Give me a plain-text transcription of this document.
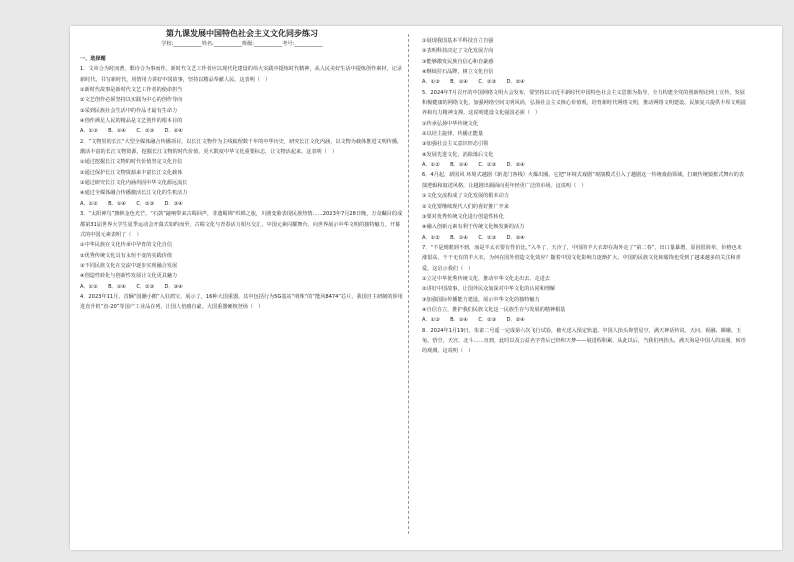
第九课发展中国特色社会主义文化同步练习
学校:___________姓名:___________班级:___________考号:___________
一、选择题
1．文章合为时而著，歌诗合为事而作。新时代文艺工作者应以现代化建设的伟大实践中提炼时代精神，从人民美好生活中提炼创作素材，记录新时代、书写新时代，用情用力讲好中国故事，坚持以精品奉献人民。这表明（　）
①新时代故事是新时代文艺工作者的使命担当
②文艺创作必须坚持以实践为中心的创作导向
③采到民族社会生活中的作品才最有生命力
④创作满足人民的精品是文艺创作的根本目的
A．①③　　B．①④　　C．②③　　D．②④
2．“文物里的长江”大型全媒体融合传播项目，以长江文物作为主线梳理数千年的中华历史，研究长江文化内涵，以文物为载体推进文明传播，激活丰富的长江文物资源，挖掘长江文物的时代价值，更大限度中华文化重要标志，让文物活起来。这表明（　）
①通过挖掘长江文物的时代价值坚定文化自信
②通过保护长江文物资源来丰富长江文化载体
③通过研究长江文化内涵巩固中华文化源远流长
④通过全媒体融合传播激活长江文化的生机活力
A．①②　　B．①④　　C．②③　　D．③④
3．“太阳神鸟”旗帜金色光芒、“石鼓”敲响带来古蜀回声，非遗蜀锦“织锦之旅，川剧变脸表现民族热情……2023年7月28日晚，万众瞩目的成都第31届世界大学生夏季运动会开幕式如约而至，古蜀文化与青春活力相互交汇，中国元素闪耀舞台，向世界展示中华文明的独特魅力。开幕式的中国元素表明了（　）
①中华民族在文化传承中孕育的文化自信
②优秀传统文化具有永恒不变的实践价值
③不同民族文化在交流中逐步实现融合发展
④创造性转化与创新性发展让文化更具魅力
A．①②　　B．①④　　C．②③　　D．③④
4．2023年11月，首辆“国潮小鹅”入驻鸿宝，展示了，16种大国重器，其中包括行为5G基站“明珠”的“能风8474”芯片、我国自主研制的涉用进直升机“直-20”等国产工业品在列，让国人倍感自豪。大国重器硬核登场（　）
①展现我国基本平科技自立自强
②表明科技决定了文化发展方向
③能够激发民族自信心和自豪感
④继续拉石品牌，树立文化自信
A．①③　　B．①④　　C．②③　　D．②④
5．2024年7月召开的中国网络文明大会发布，要坚持以习近平新时代中国特色社会主义思想为指导，全力构建全党的创新理论网上宣传，发展积极健康的网络文化，加强网络空间文明风尚，弘扬社会主义核心价值观，培育新时代网络文明，推动网络文明建设、民族复兴提供丰厚文明滋养和有力精神支撑。这说明建设文化强国必须（　）
①传承弘扬中华传统文化
②以培主旋律，传播正能量
③加强社会主义意识形态引领
④发展先进文化，消除落后文化
A．①②　　B．①④　　C．②③　　D．②④
6．4月起，新国风 环境式越剧《新龙门客栈》火爆出圈。它把“环境式戏剧”观演模式引入了越剧这一传统戏曲领域，打破传统镜框式舞台的表演逻辑和叙述风格，让越剧出圈面向更年轻更广泛的市场。这说明（　）
①文化交流构成了文化发展的根本动力
②文化要继续现代人们的喜好推广开来
③要对优秀传统文化进行创造性转化
④融入创新元素有利于传统文化焕发新的活力
A．①②　　B．①④　　C．②③　　D．③④
7．“不是到眼到不到，而是羊太衣要有性价比。”入冬了，天冷了，中国的羊大衣却在海外走了“第二春”，出口量暴增，原因很简单，价格也未涨很高，干干无有的羊大衣，为何在国外创造文化效应？随着中国文化影响力逐渐扩大，中国的民族文化和服饰也受到了越来越多的关注和喜爱。这启示我们（　）
①立足中华优秀传统文化，推动中华文化走出去、走进去
②讲好中国故事，让国外民众加深对中华文化的认同和理解
③加强国际传播能力建设，展示中华文化的独特魅力
④自信自立，推护我们民族文化这一民族生存与发展的精神根基
A．①③　　B．①④　　C．②③　　D．②④
8．2024年1月19日，朱雀二号遥一完成第六次飞行试验，被火送入预定轨道。中国人抬头仰望星空，满天神话传说，天问、祝融、嫦娥、玉兔、悟空、天宫、北斗……直到，此时以及公益名字背后已经积天梦——展进程积累，从此以后，当我们再抬头，满天海是中国人的浪漫，转语的观测。这说明（　）
